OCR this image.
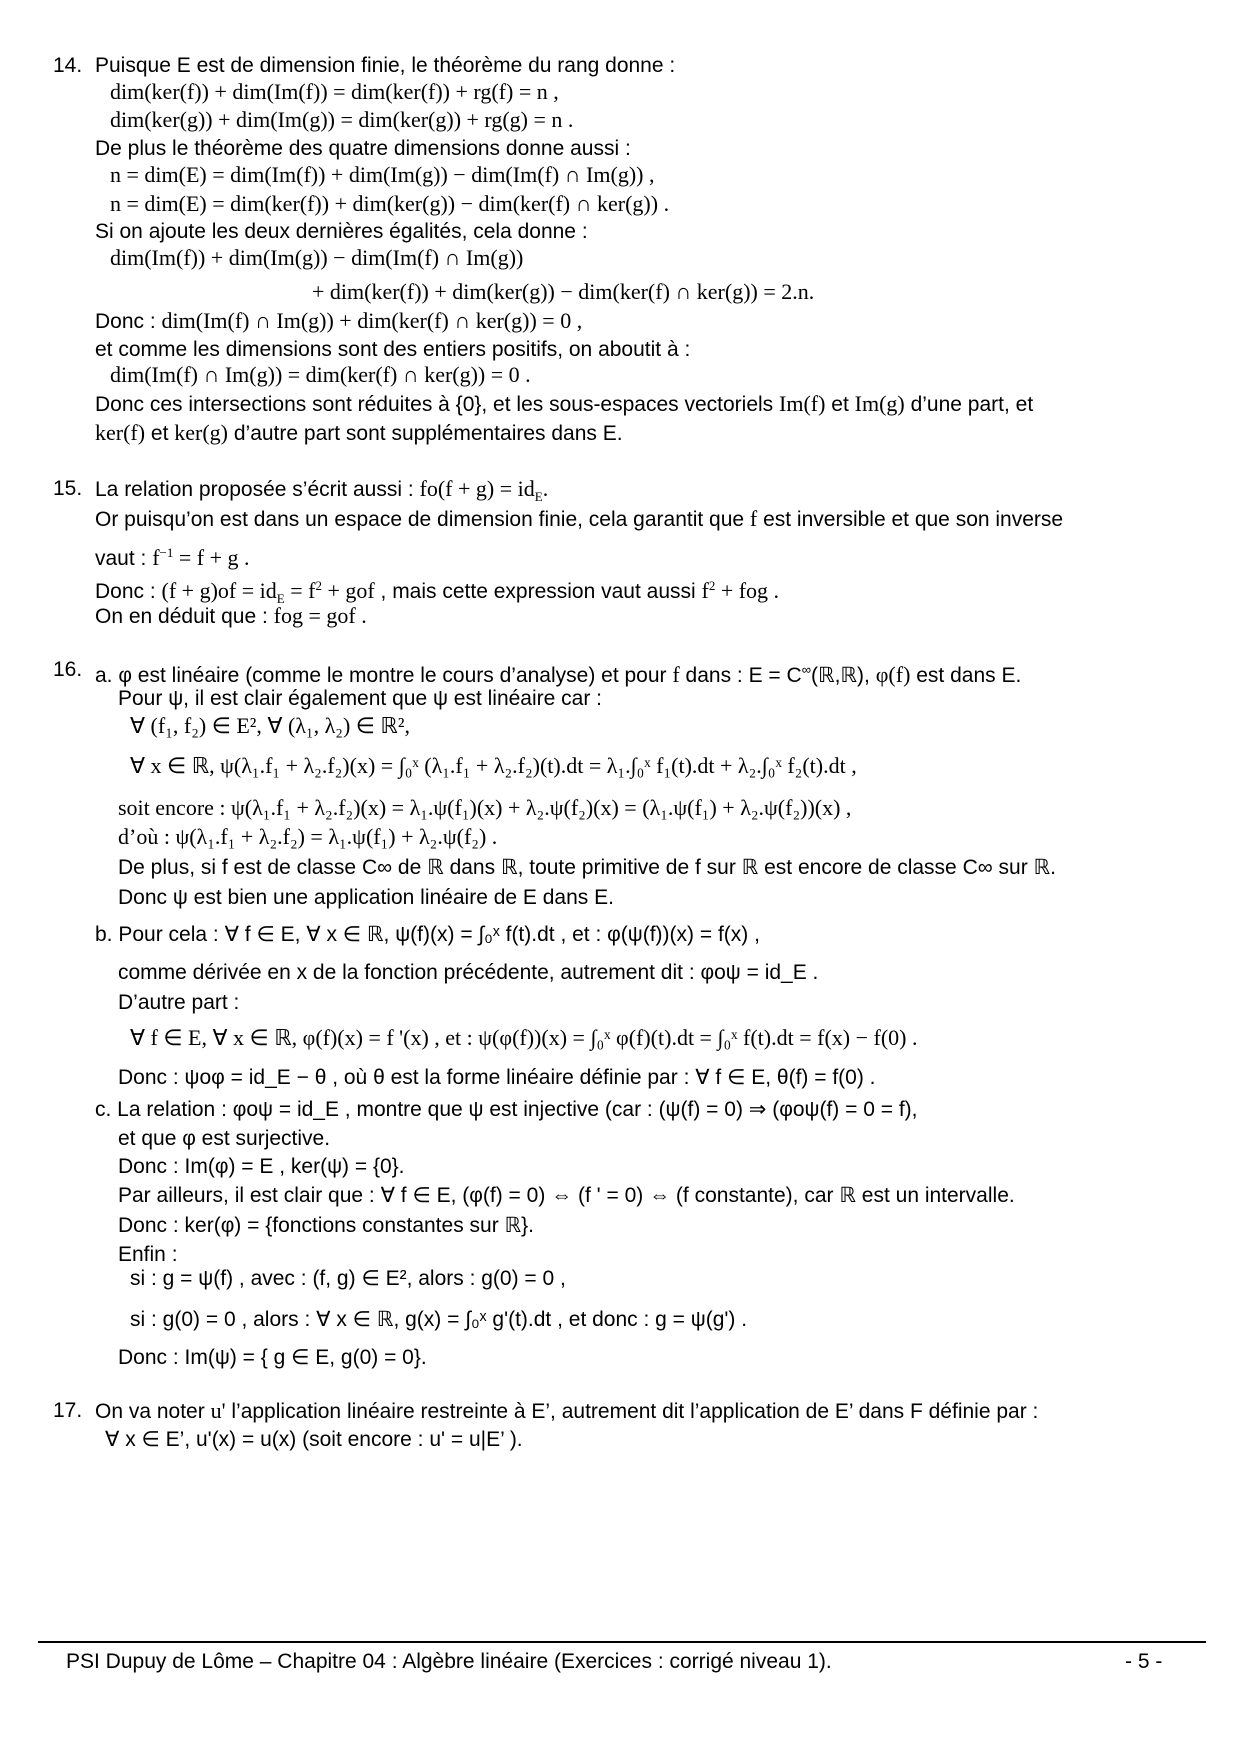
14. Puisque E est de dimension finie, le théorème du rang donne :
dim(ker(f)) + dim(Im(f)) = dim(ker(f)) + rg(f) = n ,
dim(ker(g)) + dim(Im(g)) = dim(ker(g)) + rg(g) = n .
De plus le théorème des quatre dimensions donne aussi :
n = dim(E) = dim(Im(f)) + dim(Im(g)) − dim(Im(f) ∩ Im(g)) ,
n = dim(E) = dim(ker(f)) + dim(ker(g)) − dim(ker(f) ∩ ker(g)) .
Si on ajoute les deux dernières égalités, cela donne :
dim(Im(f)) + dim(Im(g)) − dim(Im(f) ∩ Im(g))
+ dim(ker(f)) + dim(ker(g)) − dim(ker(f) ∩ ker(g)) = 2.n.
Donc : dim(Im(f) ∩ Im(g)) + dim(ker(f) ∩ ker(g)) = 0 ,
et comme les dimensions sont des entiers positifs, on aboutit à :
dim(Im(f) ∩ Im(g)) = dim(ker(f) ∩ ker(g)) = 0 .
Donc ces intersections sont réduites à {0}, et les sous-espaces vectoriels Im(f) et Im(g) d’une part, et
ker(f) et ker(g) d’autre part sont supplémentaires dans E.
15. La relation proposée s’écrit aussi : $fo(f + g) = id_E$.
Or puisqu’on est dans un espace de dimension finie, cela garantit que f est inversible et que son inverse
vaut : $f^{-1} = f + g$ .
Donc : $(f + g)of = id_E = f^2$ + gof , mais cette expression vaut aussi $f^2$ + fog .
On en déduit que : fog = gof .
16. a. φ est linéaire (comme le montre le cours d’analyse) et pour f dans : E = C∞(ℝ,ℝ), φ(f) est dans E.
Pour ψ, il est clair également que ψ est linéaire car :
∀ (f₁, f₂) ∈ E², ∀ (λ₁, λ₂) ∈ ℝ²,
∀ x ∈ ℝ, ψ(λ₁.f₁ + λ₂.f₂)(x) = ∫₀ˣ (λ₁.f₁ + λ₂.f₂)(t).dt = λ₁.∫₀ˣ f₁(t).dt + λ₂.∫₀ˣ f₂(t).dt ,
soit encore : ψ(λ₁.f₁ + λ₂.f₂)(x) = λ₁.ψ(f₁)(x) + λ₂.ψ(f₂)(x) = (λ₁.ψ(f₁) + λ₂.ψ(f₂))(x) ,
d’où : ψ(λ₁.f₁ + λ₂.f₂) = λ₁.ψ(f₁) + λ₂.ψ(f₂) .
De plus, si f est de classe C∞ de ℝ dans ℝ, toute primitive de f sur ℝ est encore de classe C∞ sur ℝ.
Donc ψ est bien une application linéaire de E dans E.
b. Pour cela : ∀ f ∈ E, ∀ x ∈ ℝ, ψ(f)(x) = ∫₀ˣ f(t).dt , et : φ(ψ(f))(x) = f(x) ,
comme dérivée en x de la fonction précédente, autrement dit : φoψ = id_E .
D’autre part :
∀ f ∈ E, ∀ x ∈ ℝ, φ(f)(x) = f '(x) , et : ψ(φ(f))(x) = ∫₀ˣ φ(f)(t).dt = ∫₀ˣ f(t).dt = f(x) − f(0) .
Donc : ψoφ = id_E − θ , où θ est la forme linéaire définie par : ∀ f ∈ E, θ(f) = f(0) .
c. La relation : φoψ = id_E , montre que ψ est injective (car : (ψ(f) = 0) ⇒ (φoψ(f) = 0 = f),
et que φ est surjective.
Donc : Im(φ) = E , ker(ψ) = {0}.
Par ailleurs, il est clair que : ∀ f ∈ E, (φ(f) = 0) ⇔ (f ' = 0) ⇔ (f constante), car ℝ est un intervalle.
Donc : ker(φ) = {fonctions constantes sur ℝ}.
Enfin :
si : g = ψ(f) , avec : (f, g) ∈ E², alors : g(0) = 0 ,
si : g(0) = 0 , alors : ∀ x ∈ ℝ, g(x) = ∫₀ˣ g'(t).dt , et donc : g = ψ(g') .
Donc : Im(ψ) = { g ∈ E, g(0) = 0}.
17. On va noter u' l’application linéaire restreinte à E’, autrement dit l’application de E’ dans F définie par :
∀ x ∈ E’, u'(x) = u(x) (soit encore : u' = u|E’ ).
PSI Dupuy de Lôme – Chapitre 04 : Algèbre linéaire (Exercices : corrigé niveau 1).	- 5 -
